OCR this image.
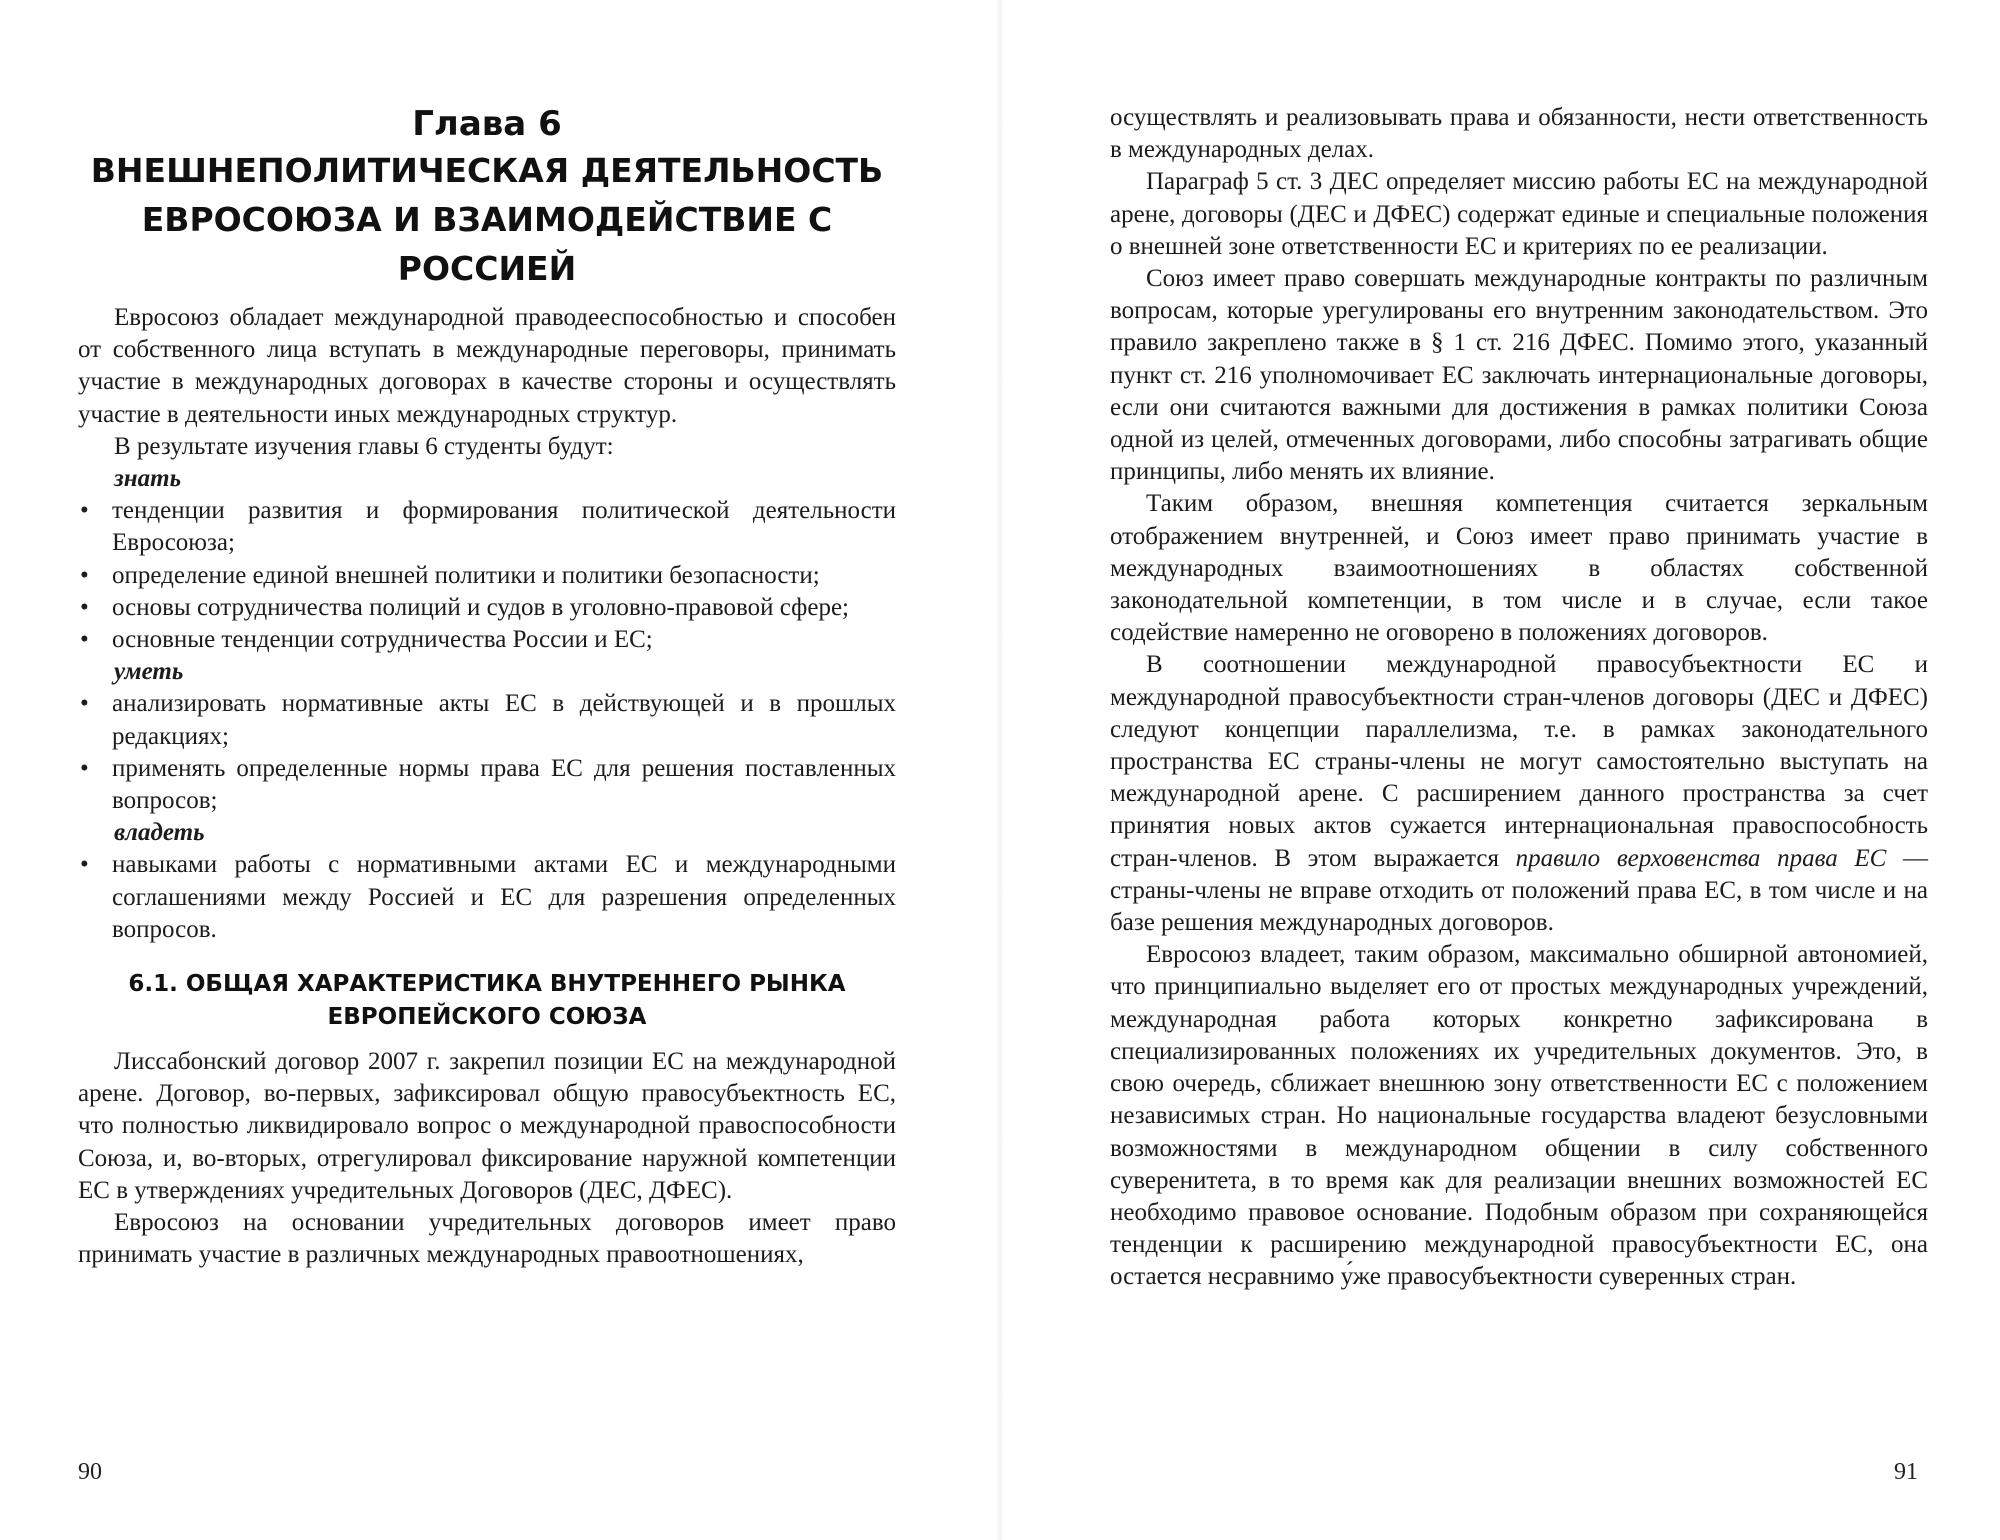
Глава 6
ВНЕШНЕПОЛИТИЧЕСКАЯ ДЕЯТЕЛЬНОСТЬ
ЕВРОСОЮЗА И ВЗАИМОДЕЙСТВИЕ С РОССИЕЙ

Евросоюз обладает международной праводееспособностью и способен от собственного лица вступать в международные переговоры, принимать участие в международных договорах в качестве стороны и осуществлять участие в деятельности иных международных структур.

В результате изучения главы 6 студенты будут:

знать

• тенденции развития и формирования политической деятельности Евросоюза;
• определение единой внешней политики и политики безопасности;
• основы сотрудничества полиций и судов в уголовно-правовой сфере;
• основные тенденции сотрудничества России и ЕС;

уметь

• анализировать нормативные акты ЕС в действующей и в прошлых редакциях;
• применять определенные нормы права ЕС для решения поставленных вопросов;

владеть

• навыками работы с нормативными актами ЕС и международными соглашениями между Россией и ЕС для разрешения определенных вопросов.
6.1. ОБЩАЯ ХАРАКТЕРИСТИКА ВНУТРЕННЕГО РЫНКА
ЕВРОПЕЙСКОГО СОЮЗА

Лиссабонский договор 2007 г. закрепил позиции ЕС на международной арене. Договор, во-первых, зафиксировал общую правосубъектность ЕС, что полностью ликвидировало вопрос о международной правоспособности Союза, и, во-вторых, отрегулировал фиксирование наружной компетенции ЕС в утверждениях учредительных Договоров (ДЕС, ДФЕС).

Евросоюз на основании учредительных договоров имеет право принимать участие в различных международных правоотношениях,

90

осуществлять и реализовывать права и обязанности, нести ответственность в международных делах.

Параграф 5 ст. 3 ДЕС определяет миссию работы ЕС на международной арене, договоры (ДЕС и ДФЕС) содержат единые и специальные положения о внешней зоне ответственности ЕС и критериях по ее реализации.

Союз имеет право совершать международные контракты по различным вопросам, которые урегулированы его внутренним законодательством. Это правило закреплено также в § 1 ст. 216 ДФЕС. Помимо этого, указанный пункт ст. 216 уполномочивает ЕС заключать интернациональные договоры, если они считаются важными для достижения в рамках политики Союза одной из целей, отмеченных договорами, либо способны затрагивать общие принципы, либо менять их влияние.

Таким образом, внешняя компетенция считается зеркальным отображением внутренней, и Союз имеет право принимать участие в международных взаимоотношениях в областях собственной законодательной компетенции, в том числе и в случае, если такое содействие намеренно не оговорено в положениях договоров.

В соотношении международной правосубъектности ЕС и международной правосубъектности стран-членов договоры (ДЕС и ДФЕС) следуют концепции параллелизма, т.е. в рамках законодательного пространства ЕС страны-члены не могут самостоятельно выступать на международной арене. С расширением данного пространства за счет принятия новых актов сужается интернациональная правоспособность стран-членов. В этом выражается правило верховенства права ЕС — страны-члены не вправе отходить от положений права ЕС, в том числе и на базе решения международных договоров.

Евросоюз владеет, таким образом, максимально обширной автономией, что принципиально выделяет его от простых международных учреждений, международная работа которых конкретно зафиксирована в специализированных положениях их учредительных документов. Это, в свою очередь, сближает внешнюю зону ответственности ЕС с положением независимых стран. Но национальные государства владеют безусловными возможностями в международном общении в силу собственного суверенитета, в то время как для реализации внешних возможностей ЕС необходимо правовое основание. Подобным образом при сохраняющейся тенденции к расширению международной правосубъектности ЕС, она остается несравнимо у́же правосубъектности суверенных стран.

91
